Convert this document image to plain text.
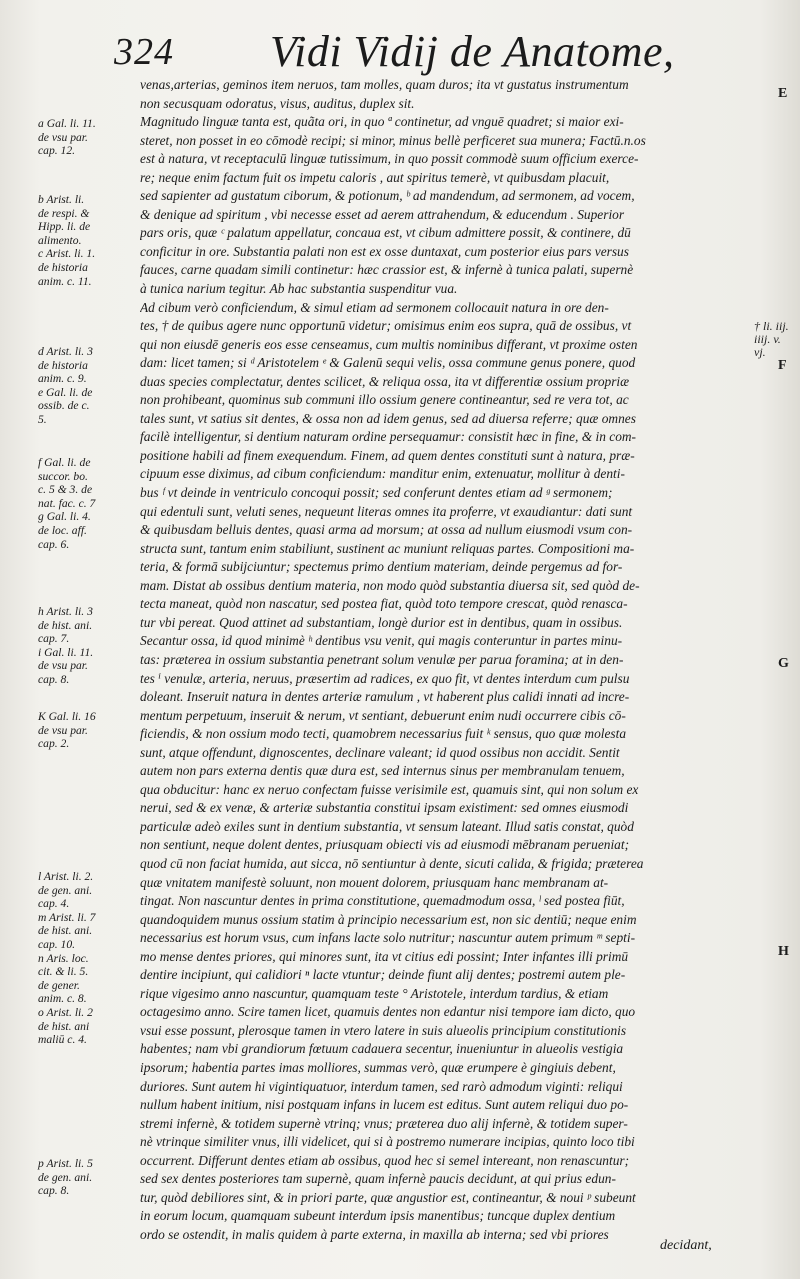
324 Vidi Vidij de Anatome,
venas,arterias, geminos item neruos, tam molles, quam duros; ita vt gustatus instrumentum
non secusquam odoratus, visus, auditus, duplex sit.
Magnitudo linguæ tanta est, quãta ori, in quo ª continetur, ad vnguē quadret; si maior exi-
steret, non posset in eo cōmodè recipi; si minor, minus bellè perficeret sua munera; Factū.n.os
est à natura, vt receptaculū linguæ tutissimum, in quo possit commodè suum officium exerce-
re; neque enim factum fuit os impetu caloris , aut spiritus temerè, vt quibusdam placuit,
sed sapienter ad gustatum ciborum, & potionum, ᵇ ad mandendum, ad sermonem, ad vocem,
& denique ad spiritum , vbi necesse esset ad aerem attrahendum, & educendum . Superior
pars oris, quæ ᶜ palatum appellatur, concaua est, vt cibum admittere possit, & continere, dū
conficitur in ore. Substantia palati non est ex osse duntaxat, cum posterior eius pars versus
fauces, carne quadam simili continetur: hæc crassior est, & infernè à tunica palati, supernè
à tunica narium tegitur. Ab hac substantia suspenditur vua.
Ad cibum verò conficiendum, & simul etiam ad sermonem collocauit natura in ore den-
tes, † de quibus agere nunc opportunū videtur; omisimus enim eos supra, quā de ossibus, vt
qui non eiusdē generis eos esse censeamus, cum multis nominibus differant, vt proxime osten
dam: licet tamen; si ᵈ Aristotelem ᵉ & Galenū sequi velis, ossa commune genus ponere, quod
duas species complectatur, dentes scilicet, & reliqua ossa, ita vt differentiæ ossium propriæ
non prohibeant, quominus sub communi illo ossium genere contineantur, sed re vera tot, ac
tales sunt, vt satius sit dentes, & ossa non ad idem genus, sed ad diuersa referre; quæ omnes
facilè intelligentur, si dentium naturam ordine persequamur: consistit hæc in fine, & in com-
positione habili ad finem exequendum. Finem, ad quem dentes constituti sunt à natura, præ-
cipuum esse diximus, ad cibum conficiendum: manditur enim, extenuatur, mollitur à denti-
bus ᶠ vt deinde in ventriculo concoqui possit; sed conferunt dentes etiam ad ᵍ sermonem;
qui edentuli sunt, veluti senes, nequeunt literas omnes ita proferre, vt exaudiantur: dati sunt
& quibusdam belluis dentes, quasi arma ad morsum; at ossa ad nullum eiusmodi vsum con-
structa sunt, tantum enim stabiliunt, sustinent ac muniunt reliquas partes. Compositioni ma-
teria, & formā subijciuntur; spectemus primo dentium materiam, deinde pergemus ad for-
mam. Distat ab ossibus dentium materia, non modo quòd substantia diuersa sit, sed quòd de-
tecta maneat, quòd non nascatur, sed postea fiat, quòd toto tempore crescat, quòd renasca-
tur vbi pereat. Quod attinet ad substantiam, longè durior est in dentibus, quam in ossibus.
Secantur ossa, id quod minimè ʰ dentibus vsu venit, qui magis conteruntur in partes minu-
tas: præterea in ossium substantia penetrant solum venulæ per parua foramina; at in den-
tes ⁱ venulæ, arteria, neruus, præsertim ad radices, ex quo fit, vt dentes interdum cum pulsu
doleant. Inseruit natura in dentes arteriæ ramulum , vt haberent plus calidi innati ad incre-
mentum perpetuum, inseruit & nerum, vt sentiant, debuerunt enim nudi occurrere cibis cō-
ficiendis, & non ossium modo tecti, quamobrem necessarius fuit ᵏ sensus, quo quæ molesta
sunt, atque offendunt, dignoscentes, declinare valeant; id quod ossibus non accidit. Sentit
autem non pars externa dentis quæ dura est, sed internus sinus per membranulam tenuem,
qua obducitur: hanc ex neruo confectam fuisse verisimile est, quamuis sint, qui non solum ex
nerui, sed & ex venæ, & arteriæ substantia constitui ipsam existiment: sed omnes eiusmodi
particulæ adeò exiles sunt in dentium substantia, vt sensum lateant. Illud satis constat, quòd
non sentiunt, neque dolent dentes, priusquam obiecti vis ad eiusmodi mēbranam perueniat;
quod cū non faciat humida, aut sicca, nō sentiuntur à dente, sicuti calida, & frigida; præterea
quæ vnitatem manifestè soluunt, non mouent dolorem, priusquam hanc membranam at-
tingat. Non nascuntur dentes in prima constitutione, quemadmodum ossa, ˡ sed postea fiūt,
quandoquidem munus ossium statim à principio necessarium est, non sic dentiū; neque enim
necessarius est horum vsus, cum infans lacte solo nutritur; nascuntur autem primum ᵐ septi-
mo mense dentes priores, qui minores sunt, ita vt citius edi possint; Inter infantes illi primū
dentire incipiunt, qui calidiori ⁿ lacte vtuntur; deinde fiunt alij dentes; postremi autem ple-
rique vigesimo anno nascuntur, quamquam teste ° Aristotele, interdum tardius, & etiam
octagesimo anno. Scire tamen licet, quamuis dentes non edantur nisi tempore iam dicto, quo
vsui esse possunt, plerosque tamen in vtero latere in suis alueolis principium constitutionis
habentes; nam vbi grandiorum fœtuum cadauera secentur, inueniuntur in alueolis vestigia
ipsorum; habentia partes imas molliores, summas verò, quæ erumpere è gingiuis debent,
duriores. Sunt autem hi vigintiquatuor, interdum tamen, sed rarò admodum viginti: reliqui
nullum habent initium, nisi postquam infans in lucem est editus. Sunt autem reliqui duo po-
stremi infernè, & totidem supernè vtrinq; vnus; præterea duo alij infernè, & totidem super-
nè vtrinque similiter vnus, illi videlicet, qui si à postremo numerare incipias, quinto loco tibi
occurrent. Differunt dentes etiam ab ossibus, quod hec si semel intereant, non renascuntur;
sed sex dentes posteriores tam supernè, quam infernè paucis decidunt, at qui prius edun-
tur, quòd debiliores sint, & in priori parte, quæ angustior est, contineantur, & noui ᵖ subeunt
in eorum locum, quamquam subeunt interdum ipsis manentibus; tuncque duplex dentium
ordo se ostendit, in malis quidem à parte externa, in maxilla ab interna; sed vbi priores
a Gal. li. 11.
de vsu par.
cap. 12.
b Arist. li.
de respi. &
Hipp. li. de
alimento.
c Arist. li. 1.
de historia
anim. c. 11.
d Arist. li. 3
de historia
anim. c. 9.
e Gal. li. de
ossib. de c.
5.
f Gal. li. de
succor. bo.
c. 5 & 3. de
nat. fac. c. 7
g Gal. li. 4.
de loc. aff.
cap. 6.
h Arist. li. 3
de hist. ani.
cap. 7.
i Gal. li. 11.
de vsu par.
cap. 8.
K Gal. li. 16
de vsu par.
cap. 2.
l Arist. li. 2.
de gen. ani.
cap. 4.
m Arist. li. 7
de hist. ani.
cap. 10.
n Aris. loc.
cit. & li. 5.
de gener.
anim. c. 8.
o Arist. li. 2
de hist. ani
maliū c. 4.
p Arist. li. 5
de gen. ani.
cap. 8.
E
† li. iij.
iiij. v.
vj.
F
G
H
decidant,
